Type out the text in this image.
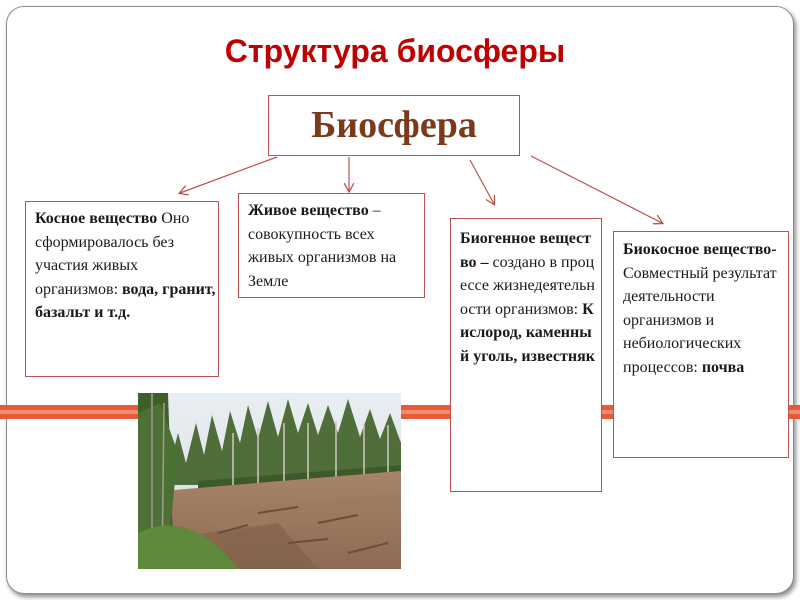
Структура биосферы
Биосфера
Косное вещество Оно сформировалось без участия живых организмов: вода, гранит, базальт и т.д.
Живое вещество – совокупность всех живых организмов на Земле
Биогенное вещество – создано в процессе жизнедеятельности организмов: Кислород, каменный уголь, известняк
Биокосное вещество- Совместный результат деятельности организмов и небиологических процессов: почва
